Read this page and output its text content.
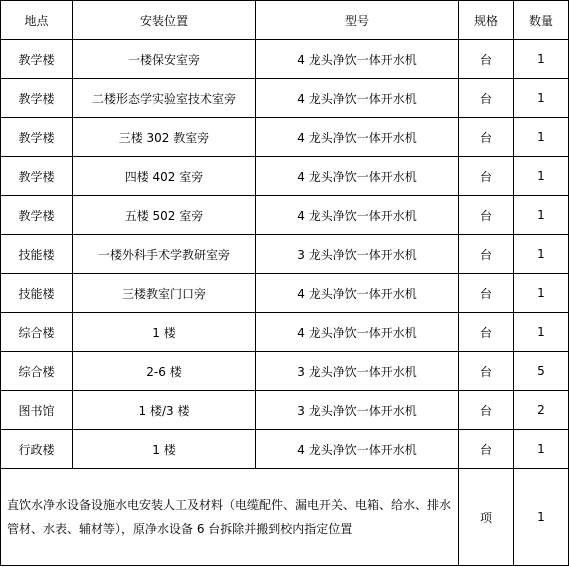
地点	安装位置	型号	规格	数量
教学楼	一楼保安室旁	4 龙头净饮一体开水机	台	1
教学楼	二楼形态学实验室技术室旁	4 龙头净饮一体开水机	台	1
教学楼	三楼 302 教室旁	4 龙头净饮一体开水机	台	1
教学楼	四楼 402 室旁	4 龙头净饮一体开水机	台	1
教学楼	五楼 502 室旁	4 龙头净饮一体开水机	台	1
技能楼	一楼外科手术学教研室旁	3 龙头净饮一体开水机	台	1
技能楼	三楼教室门口旁	4 龙头净饮一体开水机	台	1
综合楼	1 楼	4 龙头净饮一体开水机	台	1
综合楼	2-6 楼	3 龙头净饮一体开水机	台	5
图书馆	1 楼/3 楼	3 龙头净饮一体开水机	台	2
行政楼	1 楼	4 龙头净饮一体开水机	台	1
直饮水净水设备设施水电安装人工及材料（电缆配件、漏电开关、电箱、给水、排水管材、水表、辅材等），原净水设备 6 台拆除并搬到校内指定位置			项	1
